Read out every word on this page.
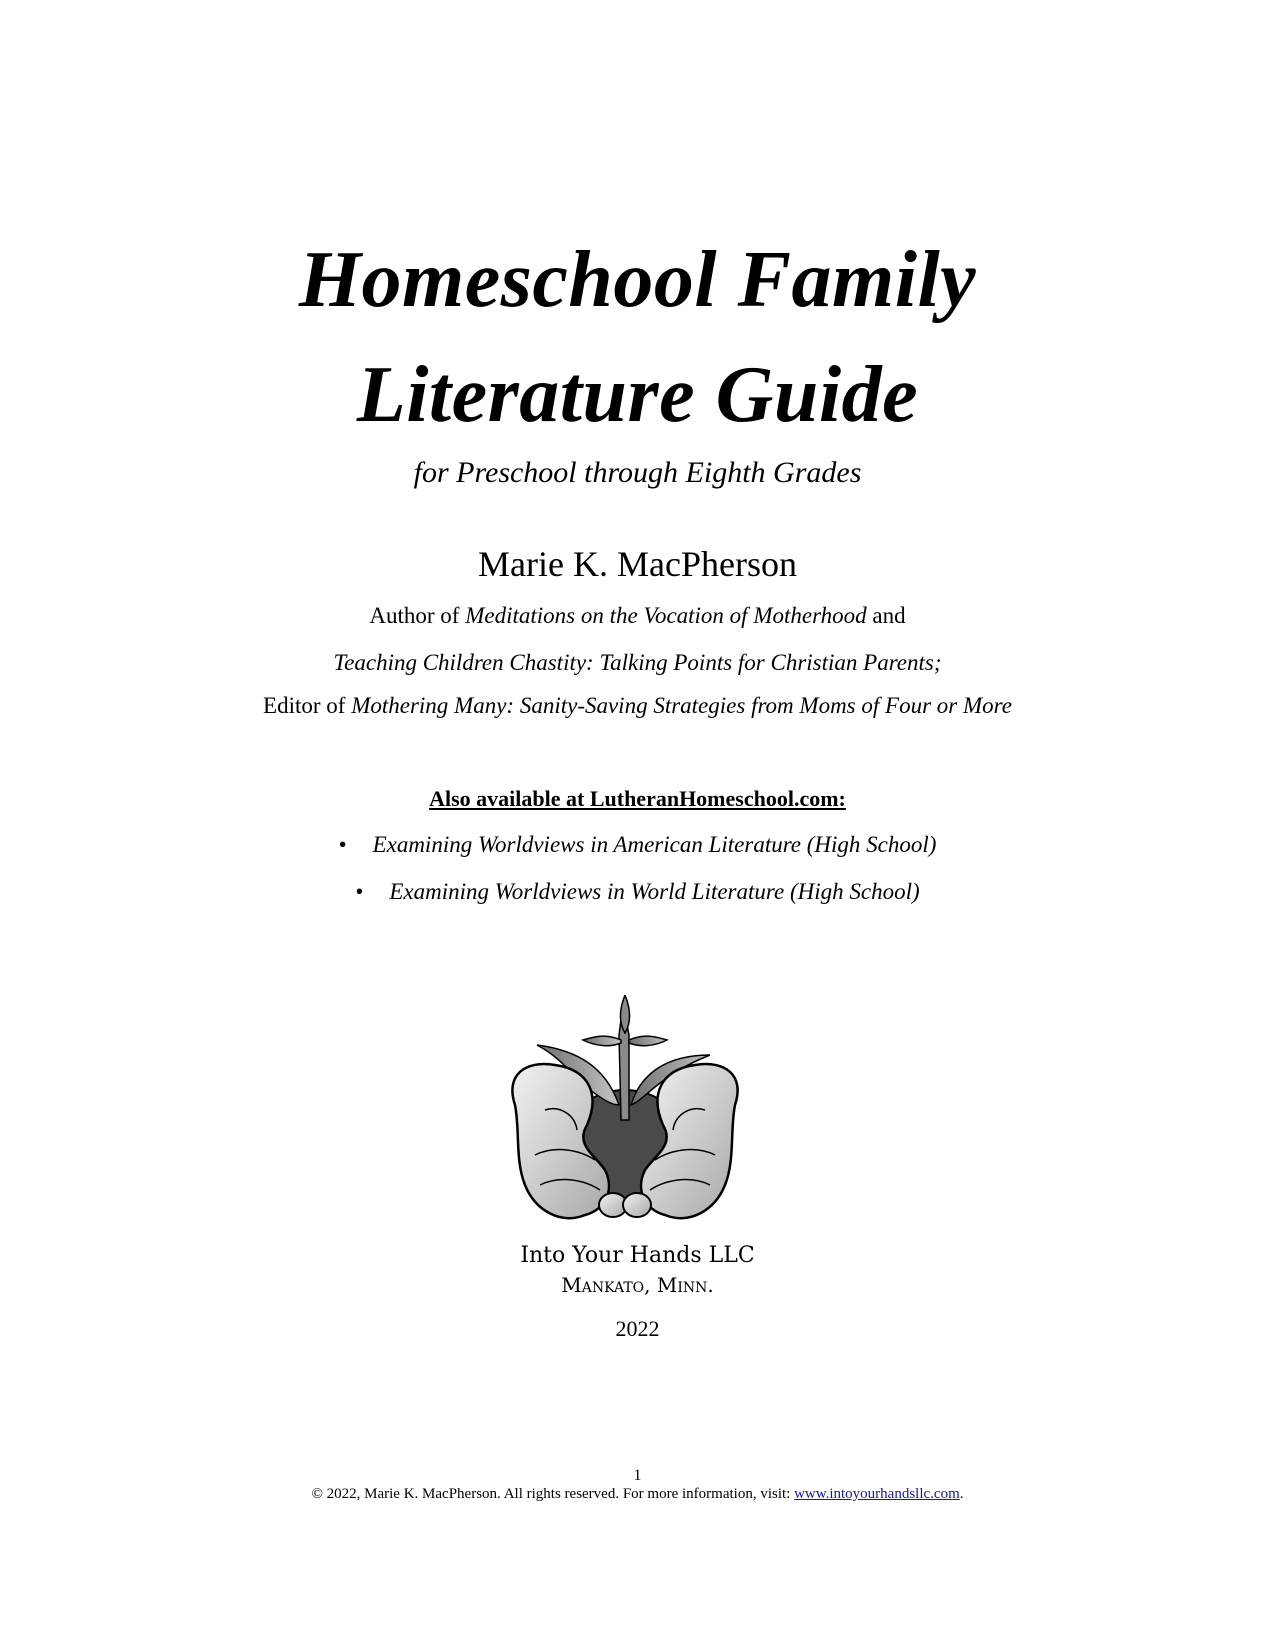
Homeschool Family
Literature Guide
for Preschool through Eighth Grades
Marie K. MacPherson
Author of Meditations on the Vocation of Motherhood and
Teaching Children Chastity: Talking Points for Christian Parents;
Editor of Mothering Many: Sanity-Saving Strategies from Moms of Four or More
Also available at LutheranHomeschool.com:
• Examining Worldviews in American Literature (High School)
• Examining Worldviews in World Literature (High School)
Into Your Hands LLC
Mankato, Minn.
2022
1
© 2022, Marie K. MacPherson. All rights reserved. For more information, visit: www.intoyourhandsllc.com.
